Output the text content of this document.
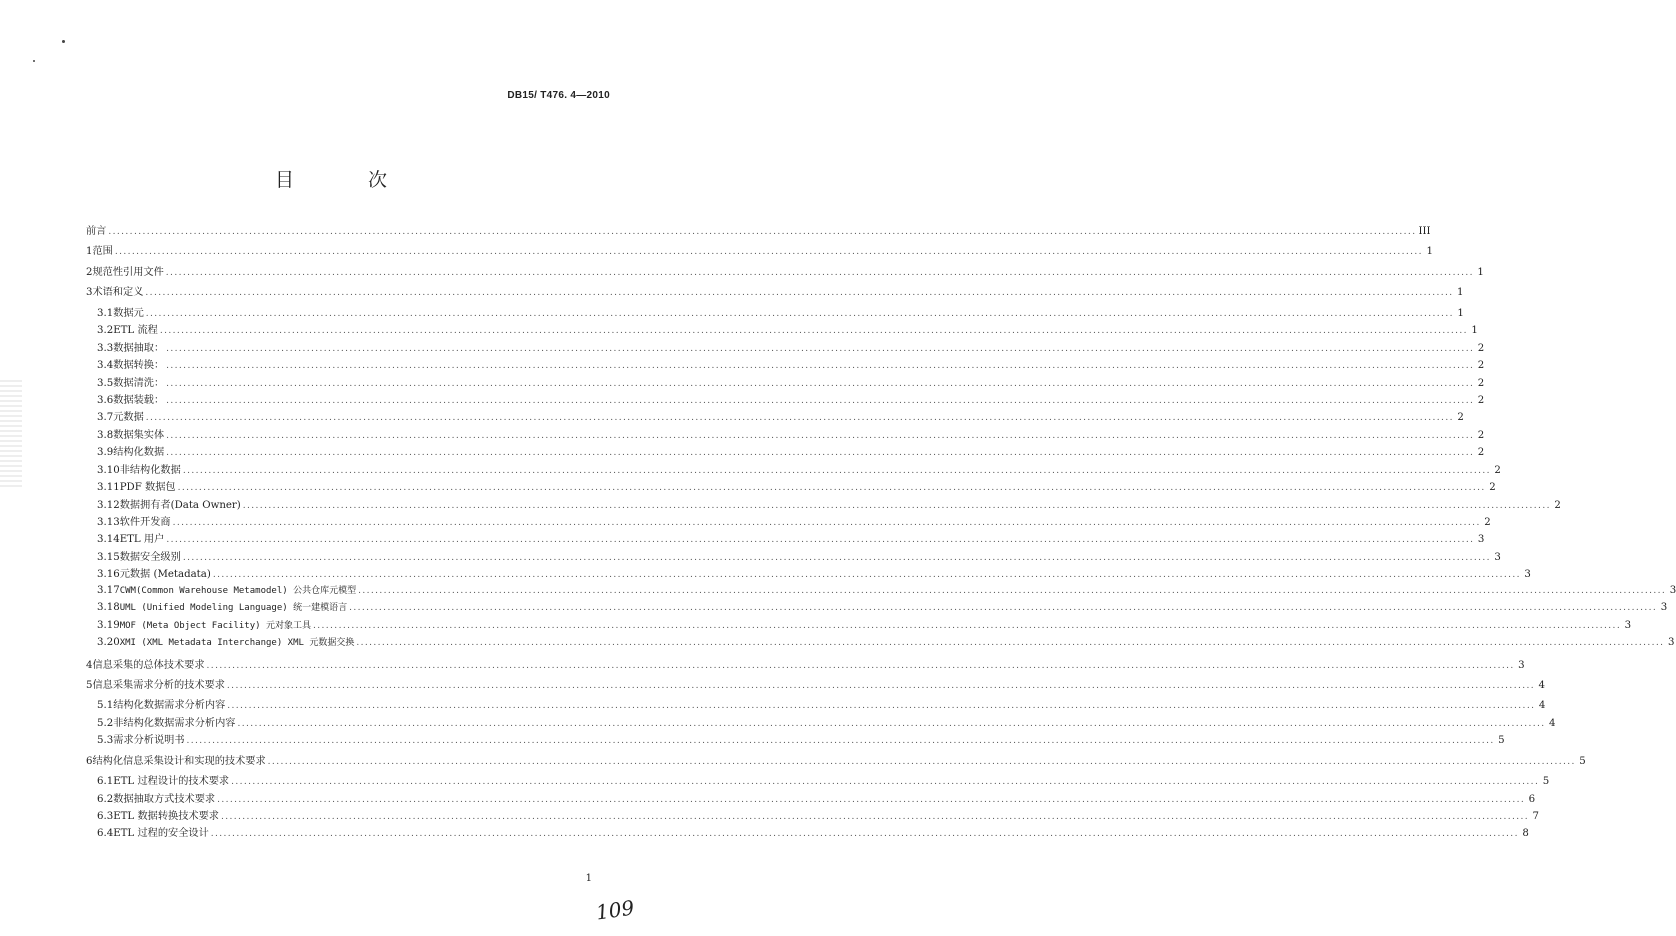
DB15/ T476. 4—2010
目 次
前言 .....	III
1 范围 .....	1
2 规范性引用文件 .....	1
3 术语和定义 .....	1
3.1 数据元 .....	1
3.2 ETL 流程 .....	1
3.3 数据抽取： .....	2
3.4 数据转换： .....	2
3.5 数据清洗： .....	2
3.6 数据装载： .....	2
3.7 元数据 .....	2
3.8 数据集实体 .....	2
3.9 结构化数据 .....	2
3.10 非结构化数据 .....	2
3.11 PDF 数据包 .....	2
3.12 数据拥有者(Data Owner) .....	2
3.13 软件开发商 .....	2
3.14 ETL 用户 .....	3
3.15 数据安全级别 .....	3
3.16 元数据 (Metadata) .....	3
3.17 CWM(Common Warehouse Metamodel) 公共仓库元模型 .....	3
3.18 UML (Unified Modeling Language) 统一建模语言 .....	3
3.19 MOF (Meta Object Facility) 元对象工具 .....	3
3.20 XMI (XML Metadata Interchange) XML 元数据交换 .....	3
4 信息采集的总体技术要求 .....	3
5 信息采集需求分析的技术要求 .....	4
5.1 结构化数据需求分析内容 .....	4
5.2 非结构化数据需求分析内容 .....	4
5.3 需求分析说明书 .....	5
6 结构化信息采集设计和实现的技术要求 .....	5
6.1 ETL 过程设计的技术要求 .....	5
6.2 数据抽取方式技术要求 .....	6
6.3 ETL 数据转换技术要求 .....	7
6.4 ETL 过程的安全设计 .....	8
1
109
